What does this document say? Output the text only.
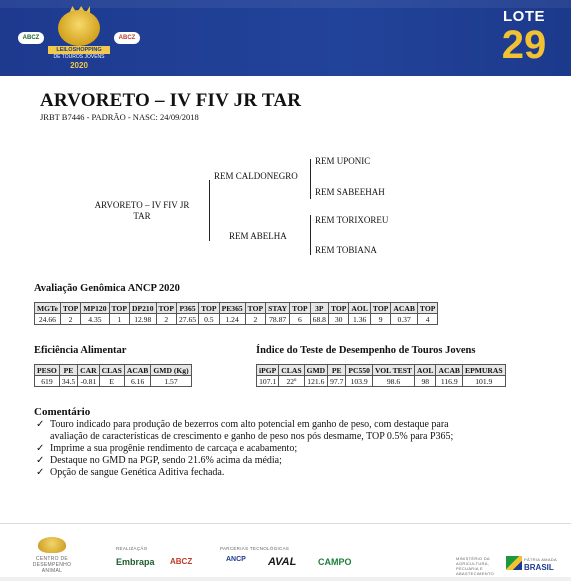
ABCZ	ABCZ
LEILOSHOPPING
DE TOUROS JOVENS
2020
LOTE
29
ARVORETO – IV FIV JR TAR
JRBT B7446 - PADRÃO - NASC: 24/09/2018
ARVORETO – IV FIV JR
TAR
REM CALDONEGRO
REM ABELHA
REM UPONIC
REM SABEEHAH
REM TORIXOREU
REM TOBIANA
Avaliação Genômica ANCP 2020
MGTe	TOP	MP120	TOP	DP210	TOP	P365	TOP	PE365	TOP	STAY	TOP	3P	TOP	AOL	TOP	ACAB	TOP
24.66	2	4.35	1	12.98	2	27.65	0.5	1.24	2	78.87	6	68.8	30	1.36	9	0.37	4
Eficiência Alimentar
PESO	PE	CAR	CLAS	ACAB	GMD (Kg)
619	34.5	-0.81	E	6.16	1.57
Índice do Teste de Desempenho de Touros Jovens
iPGP	CLAS	GMD	PE	PC550	VOL TEST	AOL	ACAB	EPMURAS
107.1	22º	121.6	97.7	103.9	98.6	98	116.9	101.9
Comentário
✓ Touro indicado para produção de bezerros com alto potencial em ganho de peso, com destaque para
avaliação de características de crescimento e ganho de peso nos pós desmame, TOP 0.5% para P365;
✓ Imprime a sua progênie rendimento de carcaça e acabamento;
✓ Destaque no GMD na PGP, sendo 21.6% acima da média;
✓ Opção de sangue Genética Aditiva fechada.
CENTRO DE DESEMPENHO ANIMAL
REALIZAÇÃO
Embrapa ABCZ
PARCERIAS TECNOLÓGICAS
ANCP AVAL CAMPO	MINISTÉRIO DA AGRICULTURA, PECUÁRIA E ABASTECIMENTO
BRASIL
PÁTRIA AMADA
